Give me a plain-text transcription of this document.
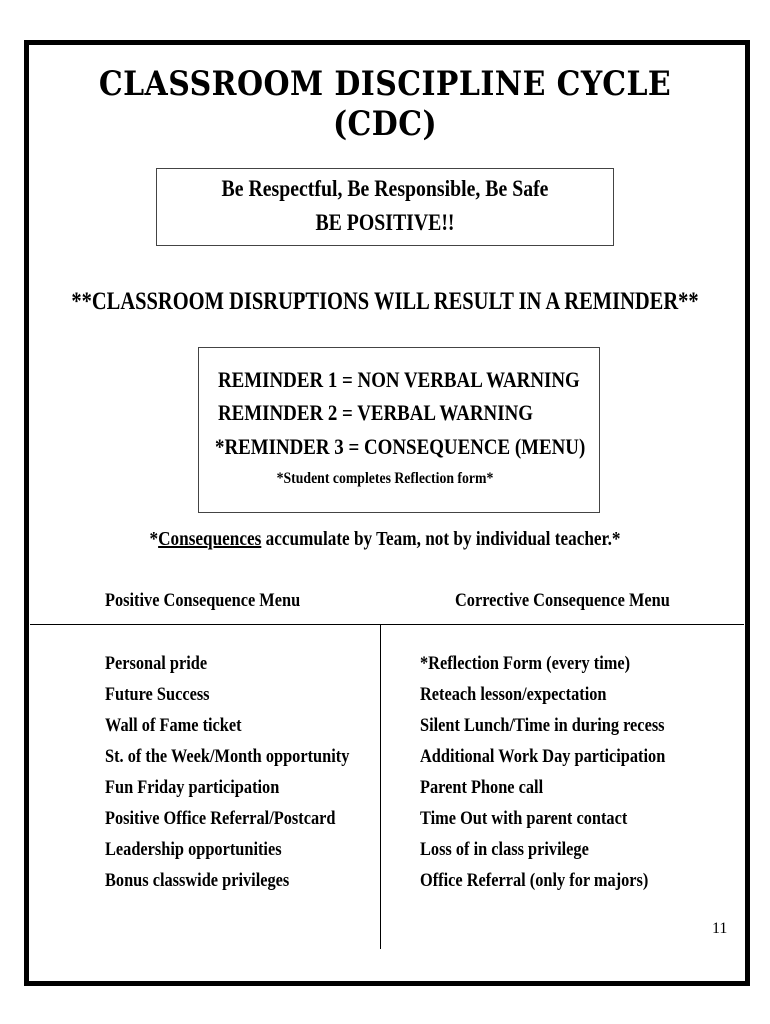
CLASSROOM DISCIPLINE CYCLE (CDC)
Be Respectful, Be Responsible, Be Safe
BE POSITIVE!!
**CLASSROOM DISRUPTIONS WILL RESULT IN A REMINDER**
REMINDER 1 = NON VERBAL WARNING
REMINDER 2 = VERBAL WARNING
*REMINDER 3 = CONSEQUENCE (MENU)
*Student completes Reflection form*
*Consequences accumulate by Team, not by individual teacher.*
Positive Consequence Menu	Corrective Consequence Menu
Personal pride
Future Success
Wall of Fame ticket
St. of the Week/Month opportunity
Fun Friday participation
Positive Office Referral/Postcard
Leadership opportunities
Bonus classwide privileges
*Reflection Form (every time)
Reteach lesson/expectation
Silent Lunch/Time in during recess
Additional Work Day participation
Parent Phone call
Time Out with parent contact
Loss of in class privilege
Office Referral (only for majors)
11
